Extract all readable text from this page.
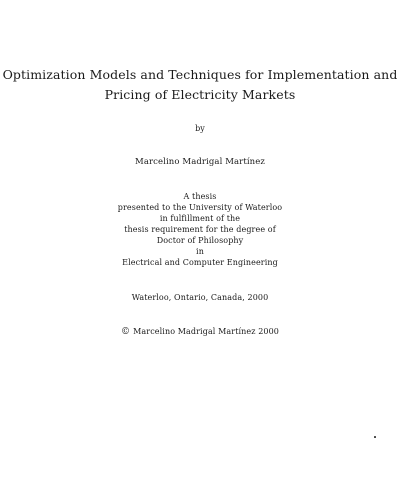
Optimization Models and Techniques for Implementation and
Pricing of Electricity Markets
by
Marcelino Madrigal Martínez
A thesis
presented to the University of Waterloo
in fulfillment of the
thesis requirement for the degree of
Doctor of Philosophy
in
Electrical and Computer Engineering
Waterloo, Ontario, Canada, 2000
© Marcelino Madrigal Martínez 2000
